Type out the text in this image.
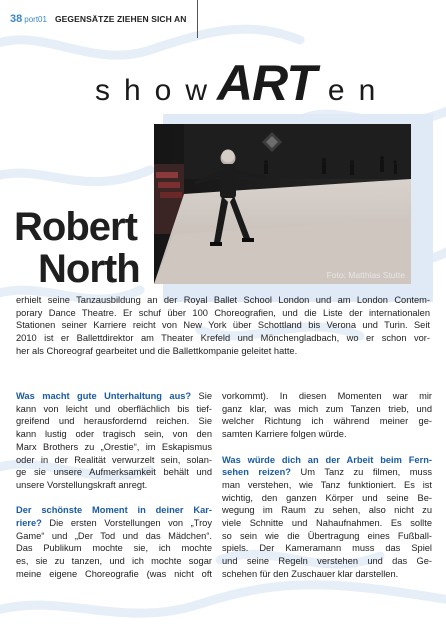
38 port01 GEGENSÄTZE ZIEHEN SICH AN
show
ART en
Foto: Matthias Stutte
Robert
North
erhielt seine Tanzausbildung an der Royal Ballet School London und am London Contem-
porary Dance Theatre. Er schuf über 100 Choreografien, und die Liste der internationalen
Stationen seiner Karriere reicht von New York über Schottland bis Verona und Turin. Seit
2010 ist er Ballettdirektor am Theater Krefeld und Mönchengladbach, wo er schon vor-
her als Choreograf gearbeitet und die Ballettkompanie geleitet hatte.
Was macht gute Unterhaltung aus? Sie
kann von leicht und oberflächlich bis tief-
greifend und herausfordernd reichen. Sie
kann lustig oder tragisch sein, von den
Marx Brothers zu „Orestie“, im Eskapismus
oder in der Realität verwurzelt sein, solan-
ge sie unsere Aufmerksamkeit behält und
unsere Vorstellungskraft anregt.
Der schönste Moment in deiner Kar-
riere? Die ersten Vorstellungen von „Troy
Game“ und „Der Tod und das Mädchen“.
Das Publikum mochte sie, ich mochte
es, sie zu tanzen, und ich mochte sogar
meine eigene Choreografie (was nicht oft
vorkommt). In diesen Momenten war mir
ganz klar, was mich zum Tanzen trieb, und
welcher Richtung ich während meiner ge-
samten Karriere folgen würde.
Was würde dich an der Arbeit beim Fern-
sehen reizen? Um Tanz zu filmen, muss
man verstehen, wie Tanz funktioniert. Es ist
wichtig, den ganzen Körper und seine Be-
wegung im Raum zu sehen, also nicht zu
viele Schnitte und Nahaufnahmen. Es sollte
so sein wie die Übertragung eines Fußball-
spiels. Der Kameramann muss das Spiel
und seine Regeln verstehen und das Ge-
schehen für den Zuschauer klar darstellen.
